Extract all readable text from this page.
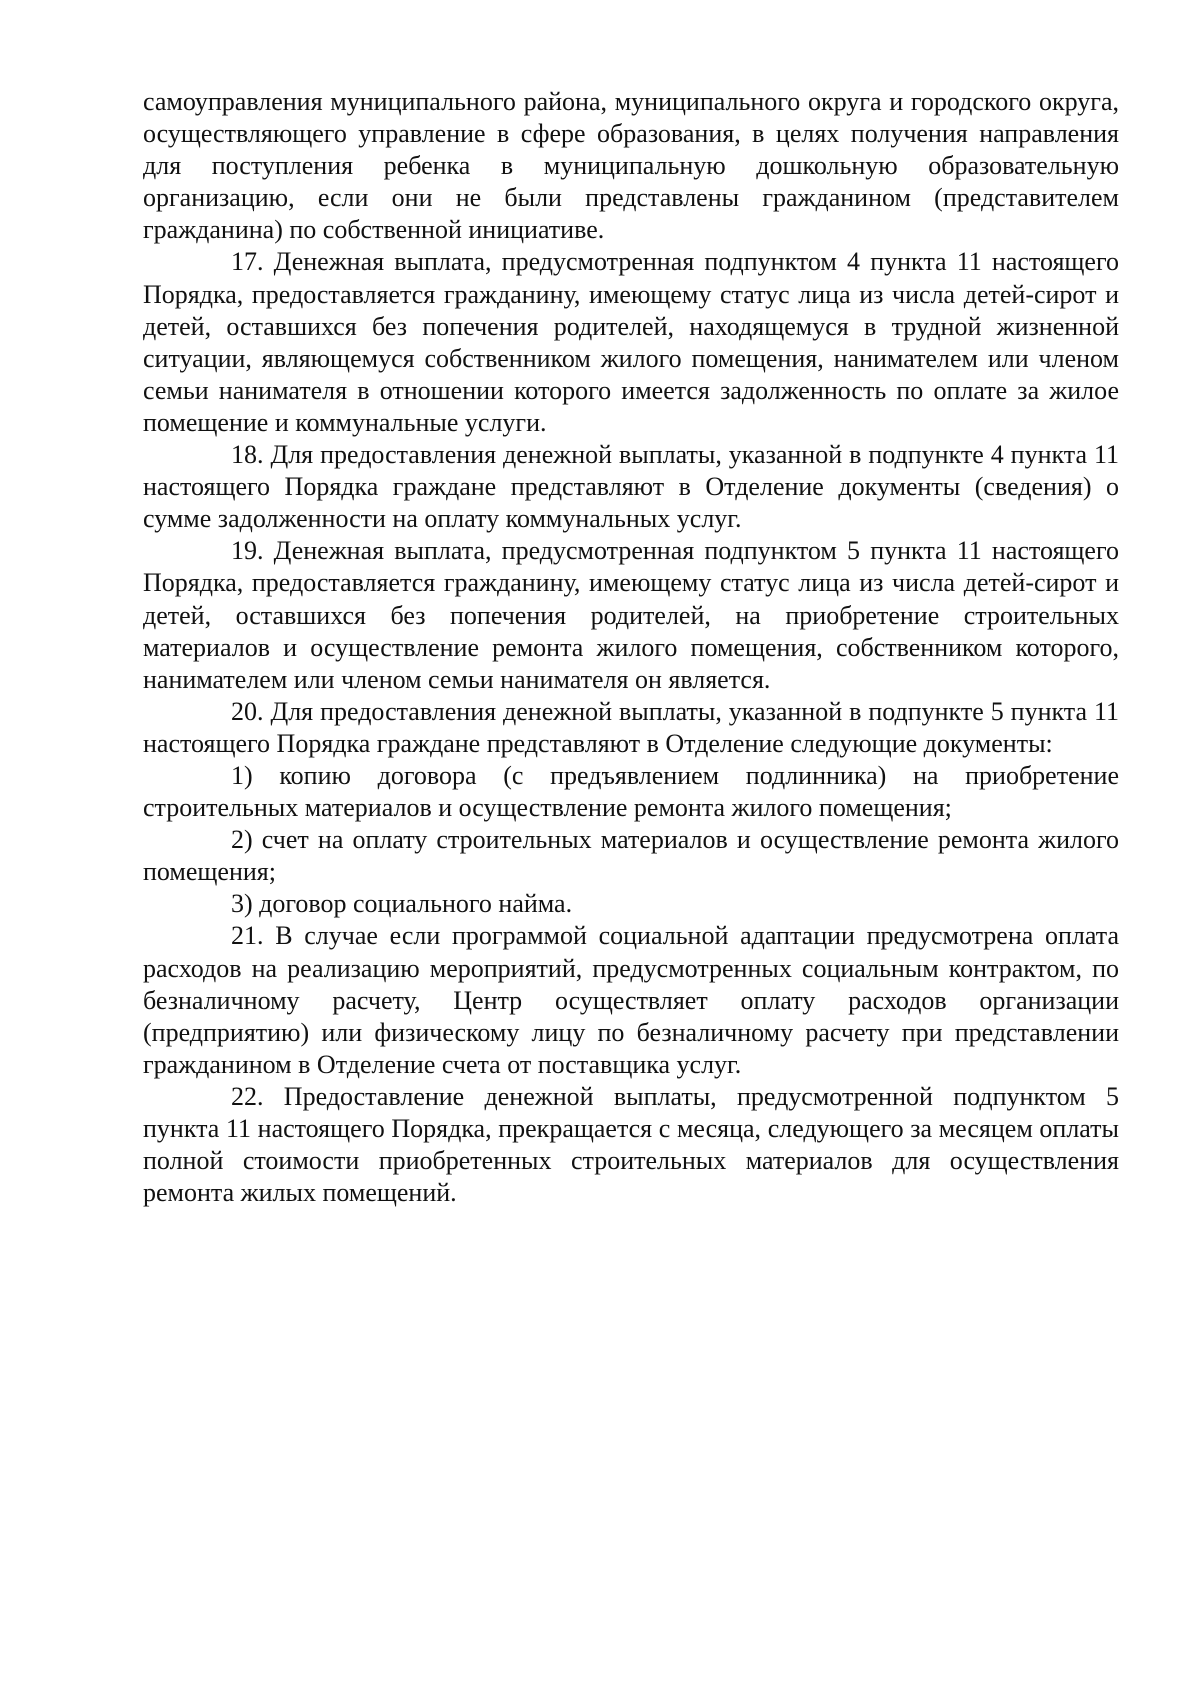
самоуправления муниципального района, муниципального округа и городского округа, осуществляющего управление в сфере образования, в целях получения направления для поступления ребенка в муниципальную дошкольную образовательную организацию, если они не были представлены гражданином (представителем гражданина) по собственной инициативе.

17. Денежная выплата, предусмотренная подпунктом 4 пункта 11 настоящего Порядка, предоставляется гражданину, имеющему статус лица из числа детей-сирот и детей, оставшихся без попечения родителей, находящемуся в трудной жизненной ситуации, являющемуся собственником жилого помещения, нанимателем или членом семьи нанимателя в отношении которого имеется задолженность по оплате за жилое помещение и коммунальные услуги.

18. Для предоставления денежной выплаты, указанной в подпункте 4 пункта 11 настоящего Порядка граждане представляют в Отделение документы (сведения) о сумме задолженности на оплату коммунальных услуг.

19. Денежная выплата, предусмотренная подпунктом 5 пункта 11 настоящего Порядка, предоставляется гражданину, имеющему статус лица из числа детей-сирот и детей, оставшихся без попечения родителей, на приобретение строительных материалов и осуществление ремонта жилого помещения, собственником которого, нанимателем или членом семьи нанимателя он является.

20. Для предоставления денежной выплаты, указанной в подпункте 5 пункта 11 настоящего Порядка граждане представляют в Отделение следующие документы:

1) копию договора (с предъявлением подлинника) на приобретение строительных материалов и осуществление ремонта жилого помещения;

2) счет на оплату строительных материалов и осуществление ремонта жилого помещения;

3) договор социального найма.

21. В случае если программой социальной адаптации предусмотрена оплата расходов на реализацию мероприятий, предусмотренных социальным контрактом, по безналичному расчету, Центр осуществляет оплату расходов организации (предприятию) или физическому лицу по безналичному расчету при представлении гражданином в Отделение счета от поставщика услуг.

22. Предоставление денежной выплаты, предусмотренной подпунктом 5 пункта 11 настоящего Порядка, прекращается с месяца, следующего за месяцем оплаты полной стоимости приобретенных строительных материалов для осуществления ремонта жилых помещений.
